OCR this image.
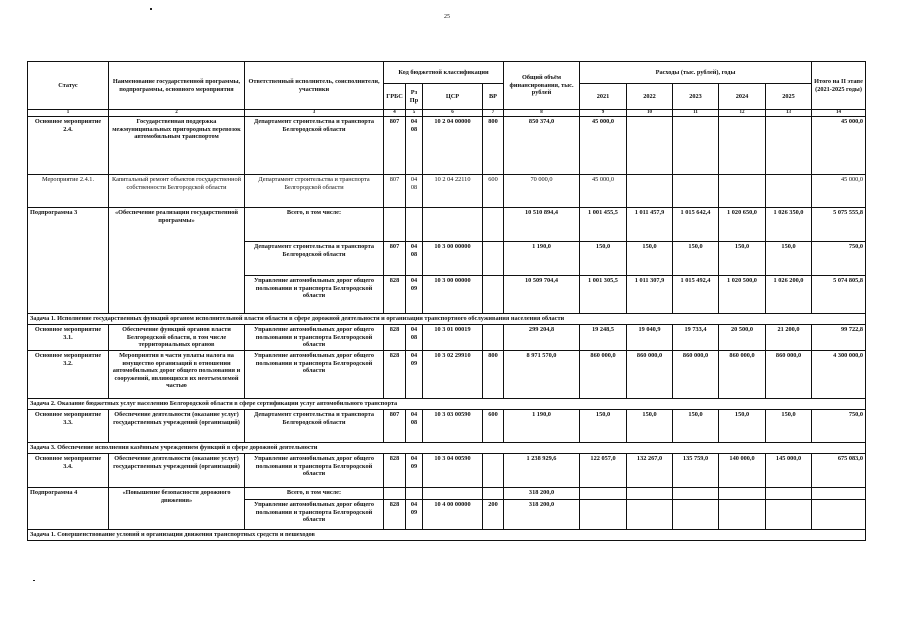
25
Статус	Наименование государственной программы, подпрограммы, основного мероприятия	Ответственный исполнитель, соисполнители, участники	Код бюджетной классификации				Общий объём финансирования, тыс. рублей	Расходы (тыс. рублей), годы					Итого на II этапе (2021-2025 годы)
			ГРБС	Рз Пр	ЦСР	ВР		2021	2022	2023	2024	2025	
1	2	3	4	5	6	7	8	9	10	11	12	13	14
Основное мероприятие 2.4.	Государственная поддержка межмуниципальных пригородных перевозок автомобильным транспортом	Департамент строительства и транспорта Белгородской области	807	04 08	10 2 04 00000	800	850 374,0	45 000,0					45 000,0
Мероприятие 2.4.1.	Капитальный ремонт объектов государственной собственности Белгородской области	Департамент строительства и транспорта Белгородской области	807	04 08	10 2 04 22110	600	70 000,0	45 000,0					45 000,0
Подпрограмма 3	«Обеспечение реализации государственной программы»	Всего, в том числе:					10 510 894,4	1 001 455,5	1 011 457,9	1 015 642,4	1 020 650,0	1 026 350,0	5 075 555,8
		Департамент строительства и транспорта Белгородской области	807	04 08	10 3 00 00000		1 190,0	150,0	150,0	150,0	150,0	150,0	750,0
		Управление автомобильных дорог общего пользования и транспорта Белгородской области	828	04 09	10 3 00 00000		10 509 704,4	1 001 305,5	1 011 307,9	1 015 492,4	1 020 500,0	1 026 200,0	5 074 805,8
Задача 1. Исполнение государственных функций органом исполнительной власти области в сфере дорожной деятельности и организации транспортного обслуживания населения области													
Основное мероприятие 3.1.	Обеспечение функций органов власти Белгородской области, в том числе территориальных органов	Управление автомобильных дорог общего пользования и транспорта Белгородской области	828	04 08	10 3 01 00019		299 204,8	19 248,5	19 040,9	19 733,4	20 500,0	21 200,0	99 722,8
Основное мероприятие 3.2.	Мероприятия в части уплаты налога на имущество организаций в отношении автомобильных дорог общего пользования и сооружений, являющихся их неотъемлемой частью	Управление автомобильных дорог общего пользования и транспорта Белгородской области	828	04 09	10 3 02 29910	800	8 971 570,0	860 000,0	860 000,0	860 000,0	860 000,0	860 000,0	4 300 000,0
Задача 2. Оказание бюджетных услуг населению Белгородской области в сфере сертификации услуг автомобильного транспорта													
Основное мероприятие 3.3.	Обеспечение деятельности (оказание услуг) государственных учреждений (организаций)	Департамент строительства и транспорта Белгородской области	807	04 08	10 3 03 00590	600	1 190,0	150,0	150,0	150,0	150,0	150,0	750,0
Задача 3. Обеспечение исполнения казённым учреждением функций в сфере дорожной деятельности													
Основное мероприятие 3.4.	Обеспечение деятельности (оказание услуг) государственных учреждений (организаций)	Управление автомобильных дорог общего пользования и транспорта Белгородской области	828	04 09	10 3 04 00590		1 238 929,6	122 057,0	132 267,0	135 759,0	140 000,0	145 000,0	675 083,0
Подпрограмма 4	«Повышение безопасности дорожного движения»	Всего, в том числе:					318 200,0						
		Управление автомобильных дорог общего пользования и транспорта Белгородской области	828	04 09	10 4 00 00000	200	318 200,0						
Задача 1. Совершенствование условий и организации движения транспортных средств и пешеходов													
